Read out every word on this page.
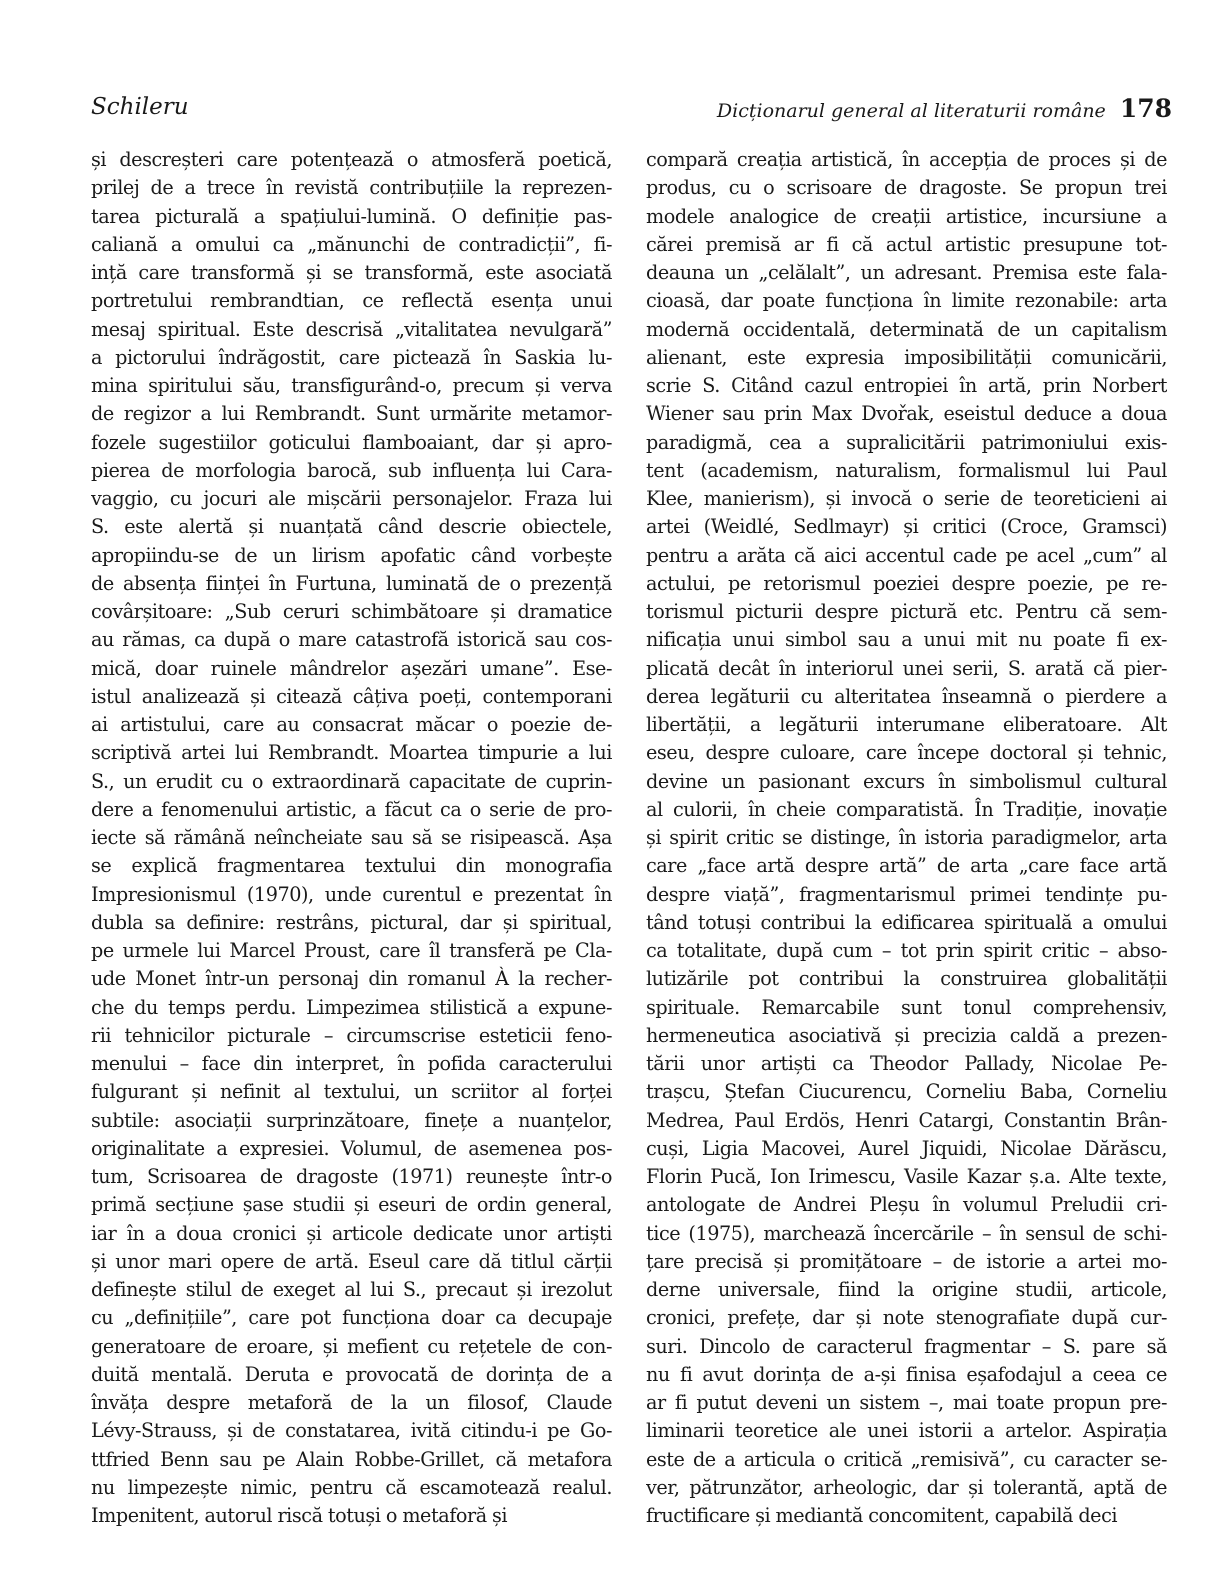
Schileru	Dicționarul general al literaturii române 178
și descreșteri care potențează o atmosferă poetică,
prilej de a trece în revistă contribuțiile la reprezen-
tarea picturală a spațiului-lumină. O definiție pas-
caliană a omului ca „mănunchi de contradicții”, fi-
ință care transformă și se transformă, este asociată
portretului rembrandtian, ce reflectă esența unui
mesaj spiritual. Este descrisă „vitalitatea nevulgară”
a pictorului îndrăgostit, care pictează în Saskia lu-
mina spiritului său, transfigurând-o, precum și verva
de regizor a lui Rembrandt. Sunt urmărite metamor-
fozele sugestiilor goticului flamboaiant, dar și apro-
pierea de morfologia barocă, sub influența lui Cara-
vaggio, cu jocuri ale mișcării personajelor. Fraza lui
S. este alertă și nuanțată când descrie obiectele,
apropiindu-se de un lirism apofatic când vorbește
de absența ființei în Furtuna, luminată de o prezență
covârșitoare: „Sub ceruri schimbătoare și dramatice
au rămas, ca după o mare catastrofă istorică sau cos-
mică, doar ruinele mândrelor așezări umane”. Ese-
istul analizează și citează câțiva poeți, contemporani
ai artistului, care au consacrat măcar o poezie de-
scriptivă artei lui Rembrandt. Moartea timpurie a lui
S., un erudit cu o extraordinară capacitate de cuprin-
dere a fenomenului artistic, a făcut ca o serie de pro-
iecte să rămână neîncheiate sau să se risipească. Așa
se explică fragmentarea textului din monografia
Impresionismul (1970), unde curentul e prezentat în
dubla sa definire: restrâns, pictural, dar și spiritual,
pe urmele lui Marcel Proust, care îl transferă pe Cla-
ude Monet într-un personaj din romanul À la recher-
che du temps perdu. Limpezimea stilistică a expune-
rii tehnicilor picturale – circumscrise esteticii feno-
menului – face din interpret, în pofida caracterului
fulgurant și nefinit al textului, un scriitor al forței
subtile: asociații surprinzătoare, finețe a nuanțelor,
originalitate a expresiei. Volumul, de asemenea pos-
tum, Scrisoarea de dragoste (1971) reunește într-o
primă secțiune șase studii și eseuri de ordin general,
iar în a doua cronici și articole dedicate unor artiști
și unor mari opere de artă. Eseul care dă titlul cărții
definește stilul de exeget al lui S., precaut și irezolut
cu „definițiile”, care pot funcționa doar ca decupaje
generatoare de eroare, și mefient cu rețetele de con-
duită mentală. Deruta e provocată de dorința de a
învăța despre metaforă de la un filosof, Claude
Lévy-Strauss, și de constatarea, ivită citindu-i pe Go-
ttfried Benn sau pe Alain Robbe-Grillet, că metafora
nu limpezește nimic, pentru că escamotează realul.
Impenitent, autorul riscă totuși o metaforă și
compară creația artistică, în accepția de proces și de
produs, cu o scrisoare de dragoste. Se propun trei
modele analogice de creații artistice, incursiune a
cărei premisă ar fi că actul artistic presupune tot-
deauna un „celălalt”, un adresant. Premisa este fala-
cioasă, dar poate funcționa în limite rezonabile: arta
modernă occidentală, determinată de un capitalism
alienant, este expresia imposibilității comunicării,
scrie S. Citând cazul entropiei în artă, prin Norbert
Wiener sau prin Max Dvořak, eseistul deduce a doua
paradigmă, cea a supralicitării patrimoniului exis-
tent (academism, naturalism, formalismul lui Paul
Klee, manierism), și invocă o serie de teoreticieni ai
artei (Weidlé, Sedlmayr) și critici (Croce, Gramsci)
pentru a arăta că aici accentul cade pe acel „cum” al
actului, pe retorismul poeziei despre poezie, pe re-
torismul picturii despre pictură etc. Pentru că sem-
nificația unui simbol sau a unui mit nu poate fi ex-
plicată decât în interiorul unei serii, S. arată că pier-
derea legăturii cu alteritatea înseamnă o pierdere a
libertății, a legăturii interumane eliberatoare. Alt
eseu, despre culoare, care începe doctoral și tehnic,
devine un pasionant excurs în simbolismul cultural
al culorii, în cheie comparatistă. În Tradiție, inovație
și spirit critic se distinge, în istoria paradigmelor, arta
care „face artă despre artă” de arta „care face artă
despre viață”, fragmentarismul primei tendințe pu-
tând totuși contribui la edificarea spirituală a omului
ca totalitate, după cum – tot prin spirit critic – abso-
lutizările pot contribui la construirea globalității
spirituale. Remarcabile sunt tonul comprehensiv,
hermeneutica asociativă și precizia caldă a prezen-
tării unor artiști ca Theodor Pallady, Nicolae Pe-
trașcu, Ștefan Ciucurencu, Corneliu Baba, Corneliu
Medrea, Paul Erdös, Henri Catargi, Constantin Brân-
cuși, Ligia Macovei, Aurel Jiquidi, Nicolae Dărăscu,
Florin Pucă, Ion Irimescu, Vasile Kazar ș.a. Alte texte,
antologate de Andrei Pleșu în volumul Preludii cri-
tice (1975), marchează încercările – în sensul de schi-
țare precisă și promițătoare – de istorie a artei mo-
derne universale, fiind la origine studii, articole,
cronici, prefețe, dar și note stenografiate după cur-
suri. Dincolo de caracterul fragmentar – S. pare să
nu fi avut dorința de a-și finisa eșafodajul a ceea ce
ar fi putut deveni un sistem –, mai toate propun pre-
liminarii teoretice ale unei istorii a artelor. Aspirația
este de a articula o critică „remisivă”, cu caracter se-
ver, pătrunzător, arheologic, dar și tolerantă, aptă de
fructificare și mediantă concomitent, capabilă deci
